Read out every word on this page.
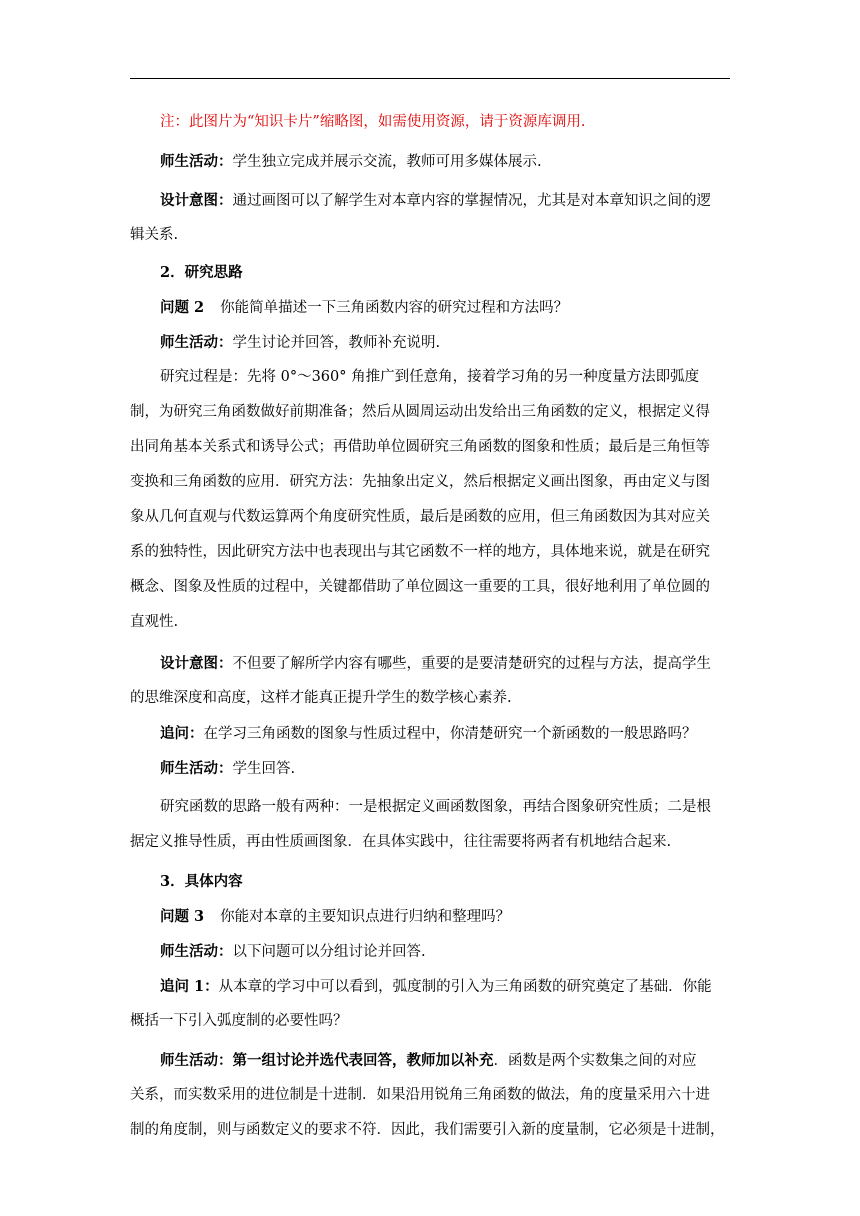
注：此图片为“知识卡片”缩略图，如需使用资源，请于资源库调用.

师生活动：学生独立完成并展示交流，教师可用多媒体展示.

设计意图：通过画图可以了解学生对本章内容的掌握情况，尤其是对本章知识之间的逻

辑关系.

2．研究思路

问题 2 你能简单描述一下三角函数内容的研究过程和方法吗？

师生活动：学生讨论并回答，教师补充说明.

研究过程是：先将 0°～360° 角推广到任意角，接着学习角的另一种度量方法即弧度

制，为研究三角函数做好前期准备；然后从圆周运动出发给出三角函数的定义，根据定义得

出同角基本关系式和诱导公式；再借助单位圆研究三角函数的图象和性质；最后是三角恒等

变换和三角函数的应用．研究方法：先抽象出定义，然后根据定义画出图象，再由定义与图

象从几何直观与代数运算两个角度研究性质，最后是函数的应用，但三角函数因为其对应关

系的独特性，因此研究方法中也表现出与其它函数不一样的地方，具体地来说，就是在研究

概念、图象及性质的过程中，关键都借助了单位圆这一重要的工具，很好地利用了单位圆的

直观性.

设计意图：不但要了解所学内容有哪些，重要的是要清楚研究的过程与方法，提高学生

的思维深度和高度，这样才能真正提升学生的数学核心素养.

追问：在学习三角函数的图象与性质过程中，你清楚研究一个新函数的一般思路吗？

师生活动：学生回答.

研究函数的思路一般有两种：一是根据定义画函数图象，再结合图象研究性质；二是根

据定义推导性质，再由性质画图象．在具体实践中，往往需要将两者有机地结合起来.

3．具体内容

问题 3 你能对本章的主要知识点进行归纳和整理吗？

师生活动：以下问题可以分组讨论并回答.

追问 1：从本章的学习中可以看到，弧度制的引入为三角函数的研究奠定了基础．你能

概括一下引入弧度制的必要性吗？

师生活动：第一组讨论并选代表回答，教师加以补充．函数是两个实数集之间的对应

关系，而实数采用的进位制是十进制．如果沿用锐角三角函数的做法，角的度量采用六十进

制的角度制，则与函数定义的要求不符．因此，我们需要引入新的度量制，它必须是十进制，
